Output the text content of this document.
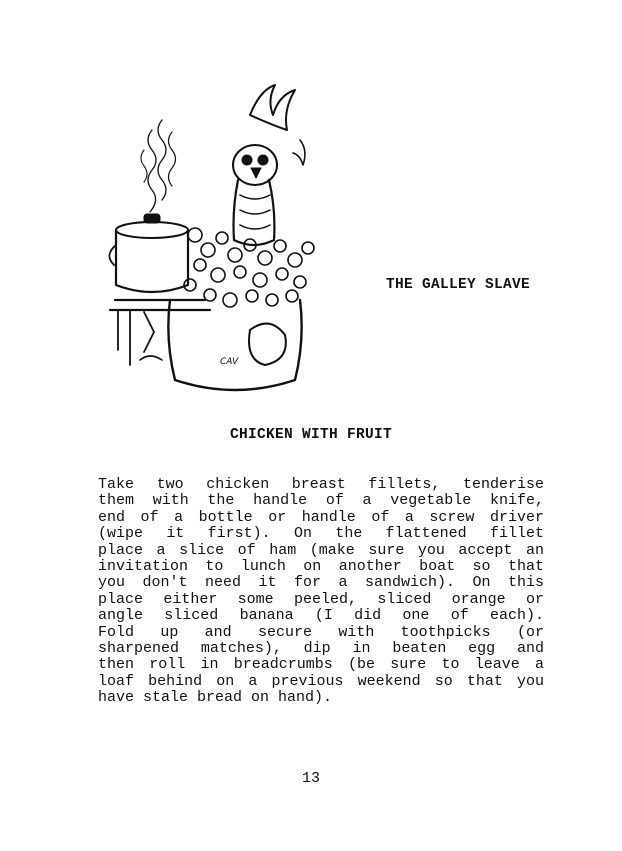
CAV
THE GALLEY SLAVE
CHICKEN WITH FRUIT
Take two chicken breast fillets, tenderise
them with the handle of a vegetable knife,
end of a bottle or handle of a screw driver
(wipe it first). On the flattened fillet
place a slice of ham (make sure you accept an
invitation to lunch on another boat so that
you don't need it for a sandwich). On this
place either some peeled, sliced orange or
angle sliced banana (I did one of each).
Fold up and secure with toothpicks (or
sharpened matches), dip in beaten egg and
then roll in breadcrumbs (be sure to leave a
loaf behind on a previous weekend so that you
have stale bread on hand).
13
